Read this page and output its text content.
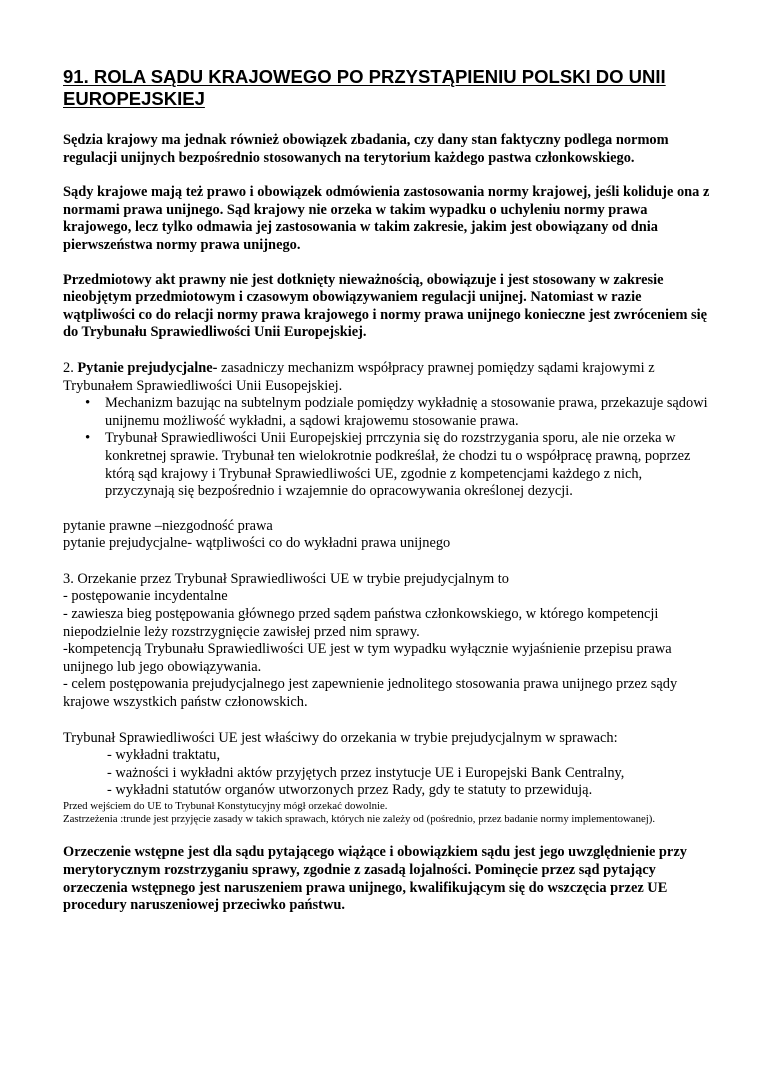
91. ROLA SĄDU KRAJOWEGO PO PRZYSTĄPIENIU POLSKI DO UNII EUROPEJSKIEJ

Sędzia krajowy ma jednak również obowiązek zbadania, czy dany stan faktyczny podlega normom regulacji unijnych bezpośrednio stosowanych na terytorium każdego pastwa członkowskiego.

Sądy krajowe mają też prawo i obowiązek odmówienia zastosowania normy krajowej, jeśli koliduje ona z normami prawa unijnego. Sąd krajowy nie orzeka w takim wypadku o uchyleniu normy prawa krajowego, lecz tylko odmawia jej zastosowania w takim zakresie, jakim jest obowiązany od dnia pierwszeństwa normy prawa unijnego.

Przedmiotowy akt prawny nie jest dotknięty nieważnością, obowiązuje i jest stosowany w zakresie nieobjętym przedmiotowym i czasowym obowiązywaniem regulacji unijnej. Natomiast w razie wątpliwości co do relacji normy prawa krajowego i normy prawa unijnego konieczne jest zwróceniem się do Trybunału Sprawiedliwości Unii Europejskiej.

2. Pytanie prejudycjalne- zasadniczy mechanizm współpracy prawnej pomiędzy sądami krajowymi z Trybunałem Sprawiedliwości Unii Eusopejskiej.

• Mechanizm bazując na subtelnym podziale pomiędzy wykładnię a stosowanie prawa, przekazuje sądowi unijnemu możliwość wykładni, a sądowi krajowemu stosowanie prawa.
• Trybunał Sprawiedliwości Unii Europejskiej prrczynia się do rozstrzygania sporu, ale nie orzeka w konkretnej sprawie. Trybunał ten wielokrotnie podkreślał, że chodzi tu o współpracę prawną, poprzez którą sąd krajowy i Trybunał Sprawiedliwości UE, zgodnie z kompetencjami każdego z nich, przyczynają się bezpośrednio i wzajemnie do opracowywania określonej dezycji.

pytanie prawne –niezgodność prawa

pytanie prejudycjalne- wątpliwości co do wykładni prawa unijnego

3. Orzekanie przez Trybunał Sprawiedliwości UE w trybie prejudycjalnym to

- postępowanie incydentalne

- zawiesza bieg postępowania głównego przed sądem państwa członkowskiego, w którego kompetencji niepodzielnie leży rozstrzygnięcie zawisłej przed nim sprawy.

-kompetencją Trybunału Sprawiedliwości UE jest w tym wypadku wyłącznie wyjaśnienie przepisu prawa unijnego lub jego obowiązywania.

- celem postępowania prejudycjalnego jest zapewnienie jednolitego stosowania prawa unijnego przez sądy krajowe wszystkich państw członowskich.

Trybunał Sprawiedliwości UE jest właściwy do orzekania w trybie prejudycjalnym w sprawach:

- wykładni traktatu,

- ważności i wykładni aktów przyjętych przez instytucje UE i Europejski Bank Centralny,

- wykładni statutów organów utworzonych przez Rady, gdy te statuty to przewidują.

Przed wejściem do UE to Trybunał Konstytucyjny mógł orzekać dowolnie.

Zastrzeżenia :trunde jest przyjęcie zasady w takich sprawach, których nie zależy od (pośrednio, przez badanie normy implementowanej).

Orzeczenie wstępne jest dla sądu pytającego wiążące i obowiązkiem sądu jest jego uwzględnienie przy merytorycznym rozstrzyganiu sprawy, zgodnie z zasadą lojalności. Pominęcie przez sąd pytający orzeczenia wstępnego jest naruszeniem prawa unijnego, kwalifikującym się do wszczęcia przez UE procedury naruszeniowej przeciwko państwu.
